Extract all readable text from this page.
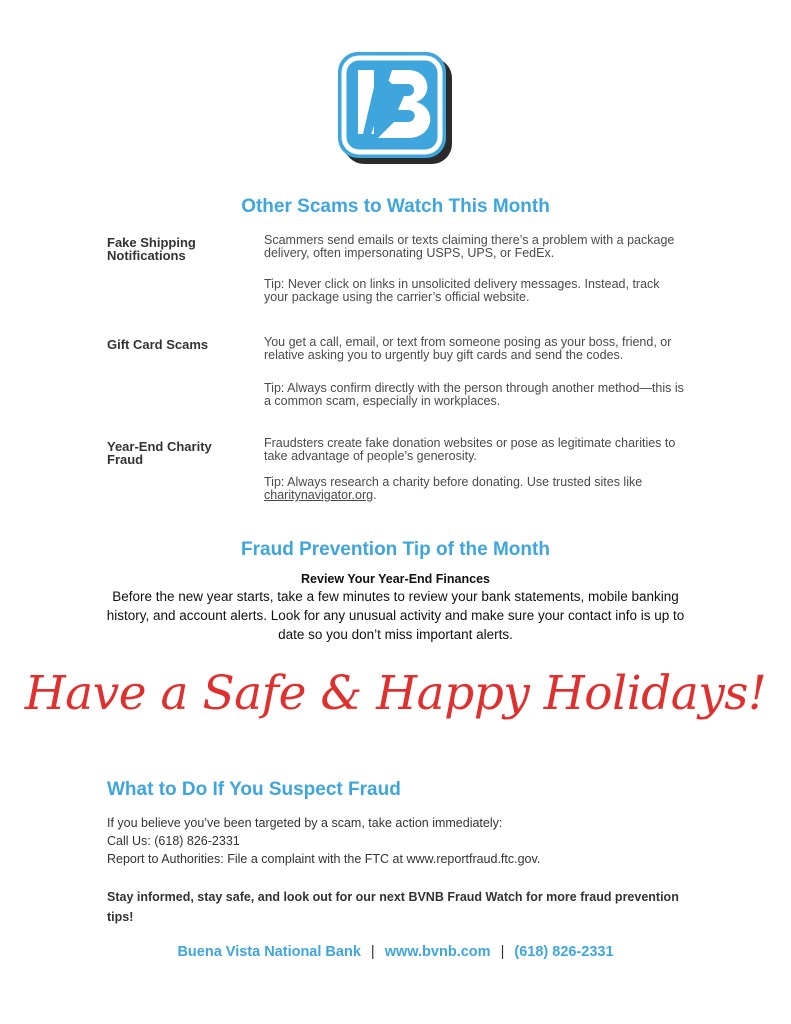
Other Scams to Watch This Month
Fake Shipping Notifications
Scammers send emails or texts claiming there’s a problem with a package delivery, often impersonating USPS, UPS, or FedEx.
Tip: Never click on links in unsolicited delivery messages. Instead, track your package using the carrier’s official website.
Gift Card Scams	You get a call, email, or text from someone posing as your boss, friend, or relative asking you to urgently buy gift cards and send the codes.
Tip: Always confirm directly with the person through another method—this is a common scam, especially in workplaces.
Year-End Charity Fraud
Fraudsters create fake donation websites or pose as legitimate charities to take advantage of people’s generosity.
Tip: Always research a charity before donating. Use trusted sites like charitynavigator.org.
Fraud Prevention Tip of the Month
Review Your Year-End Finances
Before the new year starts, take a few minutes to review your bank statements, mobile banking history, and account alerts. Look for any unusual activity and make sure your contact info is up to date so you don’t miss important alerts.
Have a Safe & Happy Holidays!
What to Do If You Suspect Fraud
If you believe you’ve been targeted by a scam, take action immediately:
Call Us: (618) 826-2331
Report to Authorities: File a complaint with the FTC at www.reportfraud.ftc.gov.
Stay informed, stay safe, and look out for our next BVNB Fraud Watch for more fraud prevention tips!
Buena Vista National Bank | www.bvnb.com | (618) 826-2331
